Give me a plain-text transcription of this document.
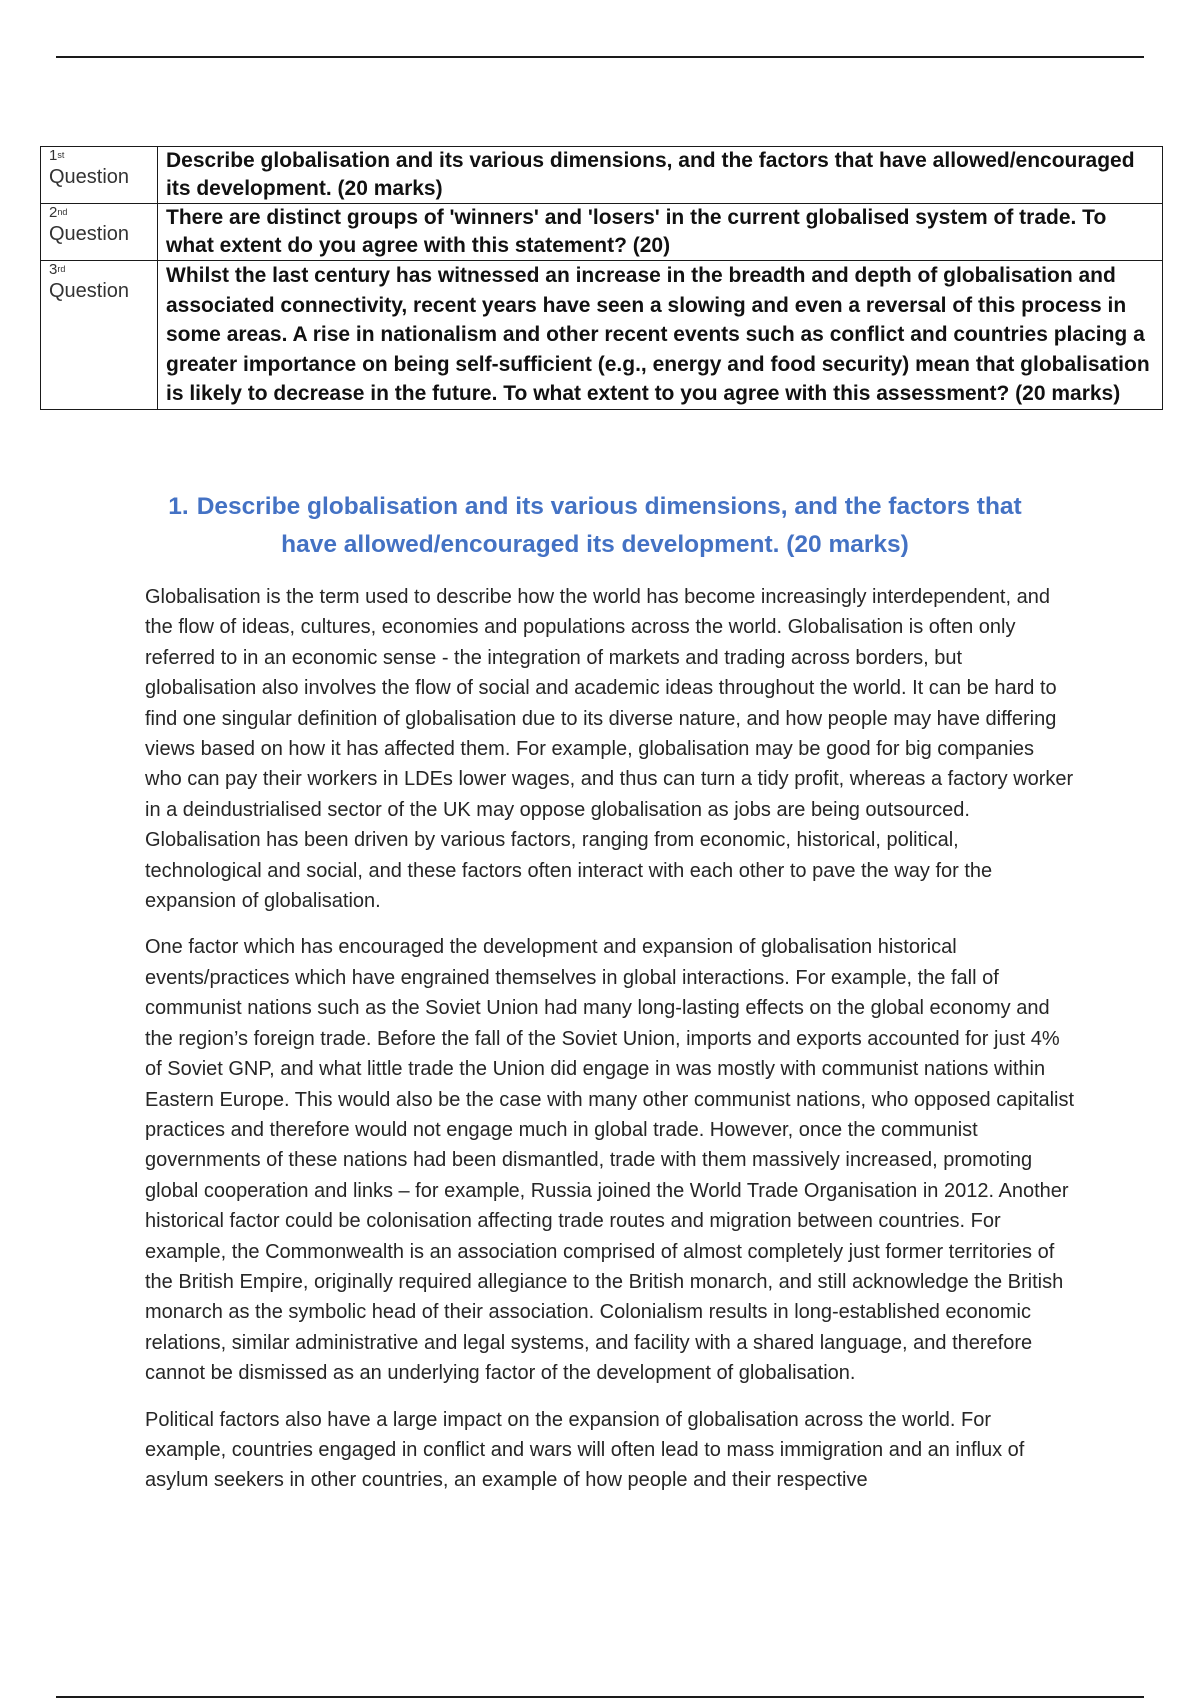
1st
Question	Describe globalisation and its various dimensions, and the factors that have allowed/encouraged its development. (20 marks)

2nd
Question	There are distinct groups of 'winners' and 'losers' in the current globalised system of trade. To what extent do you agree with this statement? (20)

3rd
Question	Whilst the last century has witnessed an increase in the breadth and depth of globalisation and associated connectivity, recent years have seen a slowing and even a reversal of this process in some areas. A rise in nationalism and other recent events such as conflict and countries placing a greater importance on being self-sufficient (e.g., energy and food security) mean that globalisation is likely to decrease in the future. To what extent to you agree with this assessment? (20 marks)
1. Describe globalisation and its various dimensions, and the factors that have allowed/encouraged its development. (20 marks)

Globalisation is the term used to describe how the world has become increasingly interdependent, and the flow of ideas, cultures, economies and populations across the world. Globalisation is often only referred to in an economic sense - the integration of markets and trading across borders, but globalisation also involves the flow of social and academic ideas throughout the world. It can be hard to find one singular definition of globalisation due to its diverse nature, and how people may have differing views based on how it has affected them. For example, globalisation may be good for big companies who can pay their workers in LDEs lower wages, and thus can turn a tidy profit, whereas a factory worker in a deindustrialised sector of the UK may oppose globalisation as jobs are being outsourced. Globalisation has been driven by various factors, ranging from economic, historical, political, technological and social, and these factors often interact with each other to pave the way for the expansion of globalisation.

One factor which has encouraged the development and expansion of globalisation historical events/practices which have engrained themselves in global interactions. For example, the fall of communist nations such as the Soviet Union had many long-lasting effects on the global economy and the region’s foreign trade. Before the fall of the Soviet Union, imports and exports accounted for just 4% of Soviet GNP, and what little trade the Union did engage in was mostly with communist nations within Eastern Europe. This would also be the case with many other communist nations, who opposed capitalist practices and therefore would not engage much in global trade. However, once the communist governments of these nations had been dismantled, trade with them massively increased, promoting global cooperation and links – for example, Russia joined the World Trade Organisation in 2012. Another historical factor could be colonisation affecting trade routes and migration between countries. For example, the Commonwealth is an association comprised of almost completely just former territories of the British Empire, originally required allegiance to the British monarch, and still acknowledge the British monarch as the symbolic head of their association. Colonialism results in long-established economic relations, similar administrative and legal systems, and facility with a shared language, and therefore cannot be dismissed as an underlying factor of the development of globalisation.

Political factors also have a large impact on the expansion of globalisation across the world. For example, countries engaged in conflict and wars will often lead to mass immigration and an influx of asylum seekers in other countries, an example of how people and their respective
